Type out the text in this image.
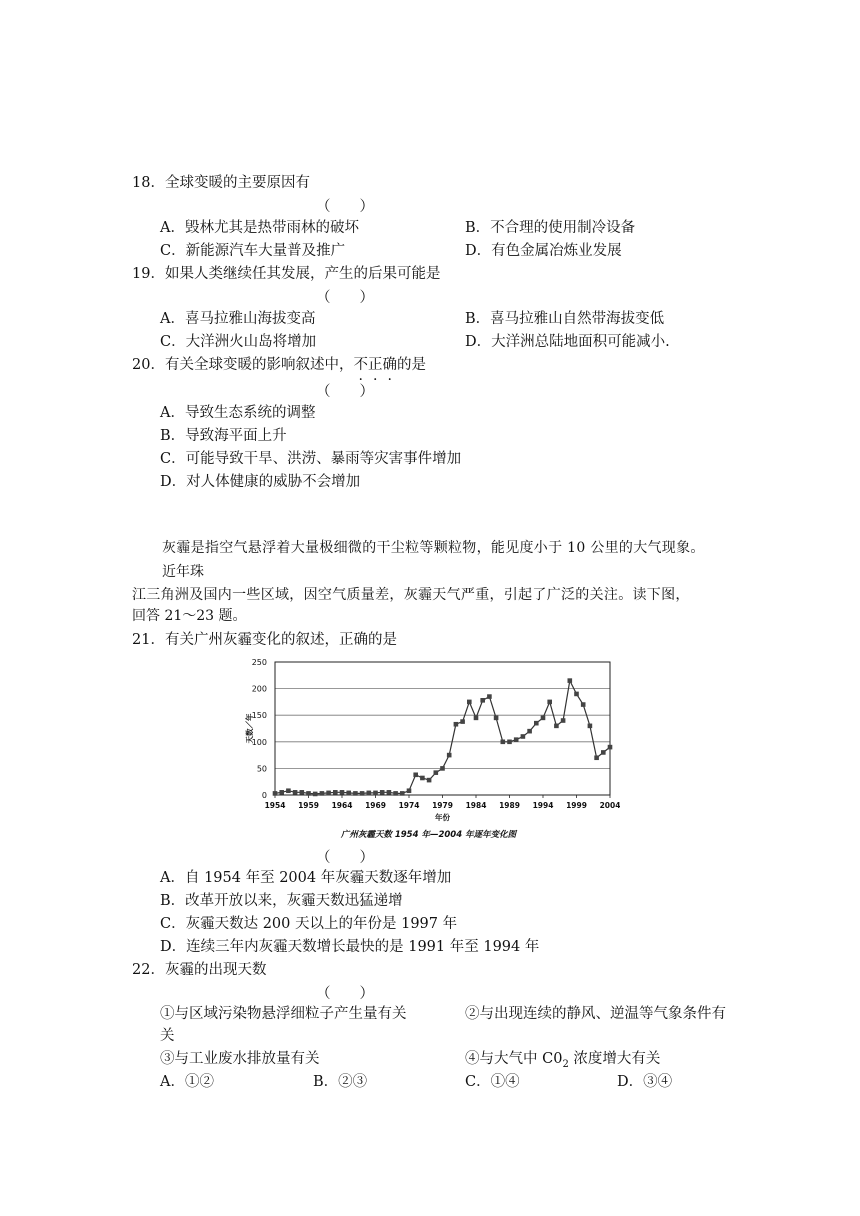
18．全球变暖的主要原因有
（　　）
A．毁林尤其是热带雨林的破坏	B．不合理的使用制冷设备
C．新能源汽车大量普及推广	D．有色金属冶炼业发展
19．如果人类继续任其发展，产生的后果可能是
（　　）
A．喜马拉雅山海拔变高	B．喜马拉雅山自然带海拔变低
C．大洋洲火山岛将增加	D．大洋洲总陆地面积可能减小.
20．有关全球变暖的影响叙述中，不正确的是
（　　）
A．导致生态系统的调整
B．导致海平面上升
C．可能导致干旱、洪涝、暴雨等灾害事件增加
D．对人体健康的威胁不会增加
灰霾是指空气悬浮着大量极细微的干尘粒等颗粒物，能见度小于 10 公里的大气现象。
近年珠
江三角洲及国内一些区域，因空气质量差，灰霾天气严重，引起了广泛的关注。读下图，
回答 21～23 题。
21．有关广州灰霾变化的叙述，正确的是
0
50
100
150
200
250
1954 1959 1964 1969 1974 1979 1984 1989 1994 1999 2004
年份
天数／年
广州灰霾天数 1954 年—2004 年逐年变化图
（　　）
A．自 1954 年至 2004 年灰霾天数逐年增加
B．改革开放以来，灰霾天数迅猛递增
C．灰霾天数达 200 天以上的年份是 1997 年
D．连续三年内灰霾天数增长最快的是 1991 年至 1994 年
22．灰霾的出现天数
（　　）
①与区域污染物悬浮细粒子产生量有关	②与出现连续的静风、逆温等气象条件有
关
③与工业废水排放量有关	④与大气中 $C0_2$ 浓度增大有关
A．①②	B．②③	C．①④	D．③④
